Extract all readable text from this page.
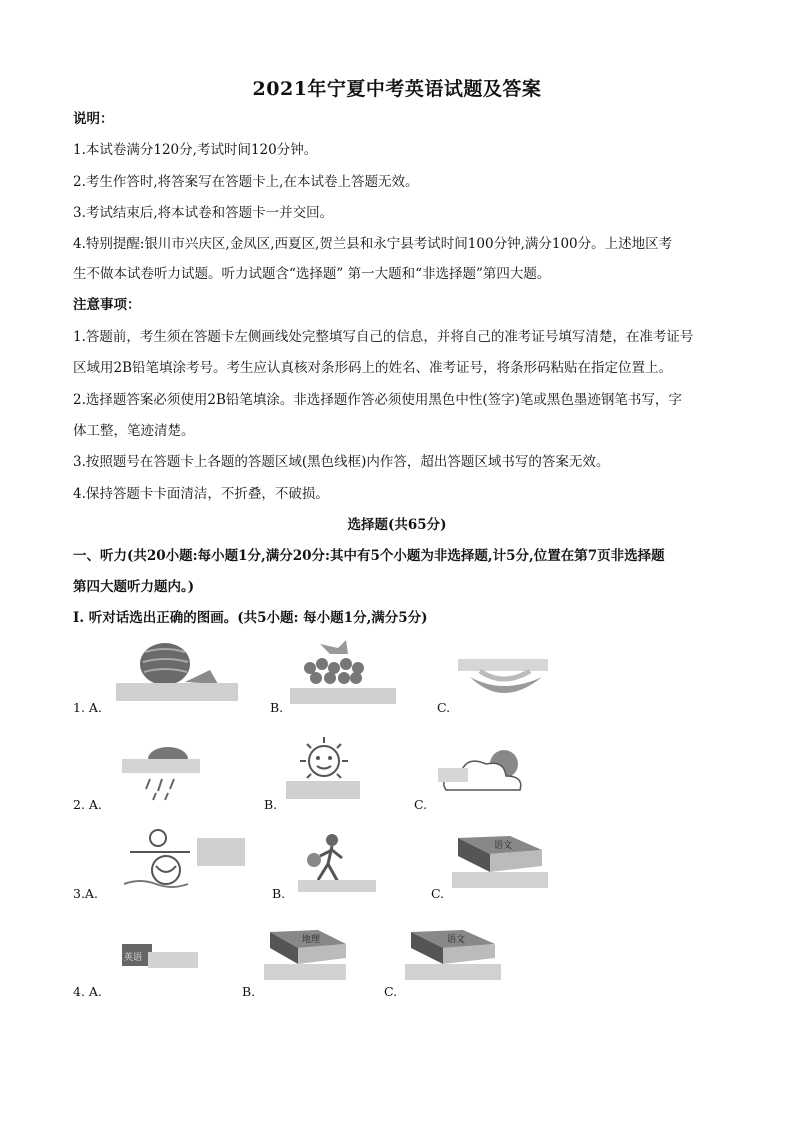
2021年宁夏中考英语试题及答案
说明：
1.本试卷满分120分,考试时间120分钟。
2.考生作答时,将答案写在答题卡上,在本试卷上答题无效。
3.考试结束后,将本试卷和答题卡一并交回。
4.特别提醒:银川市兴庆区,金凤区,西夏区,贺兰县和永宁县考试时间100分钟,满分100分。上述地区考
生不做本试卷听力试题。听力试题含“选择题” 第一大题和“非选择题”第四大题。
注意事项：
1.答题前，考生须在答题卡左侧画线处完整填写自己的信息，并将自己的准考证号填写清楚，在准考证号
区域用2B铅笔填涂考号。考生应认真核对条形码上的姓名、准考证号，将条形码粘贴在指定位置上。
2.选择题答案必须使用2B铅笔填涂。非选择题作答必须使用黑色中性(签字)笔或黑色墨迹钢笔书写，字
体工整，笔迹清楚。
3.按照题号在答题卡上各题的答题区域(黑色线框)内作答，超出答题区域书写的答案无效。
4.保持答题卡卡面清洁，不折叠，不破损。
选择题(共65分)
一、听力(共20小题:每小题1分,满分20分:其中有5个小题为非选择题,计5分,位置在第7页非选择题
第四大题听力题内。)
I. 听对话选出正确的图画。(共5小题: 每小题1分,满分5分)
1. A.	B.	C.
2. A.	B.	C.
语文
3.A.	B.	C.
英语
地理	语文
4. A.	B.	C.
